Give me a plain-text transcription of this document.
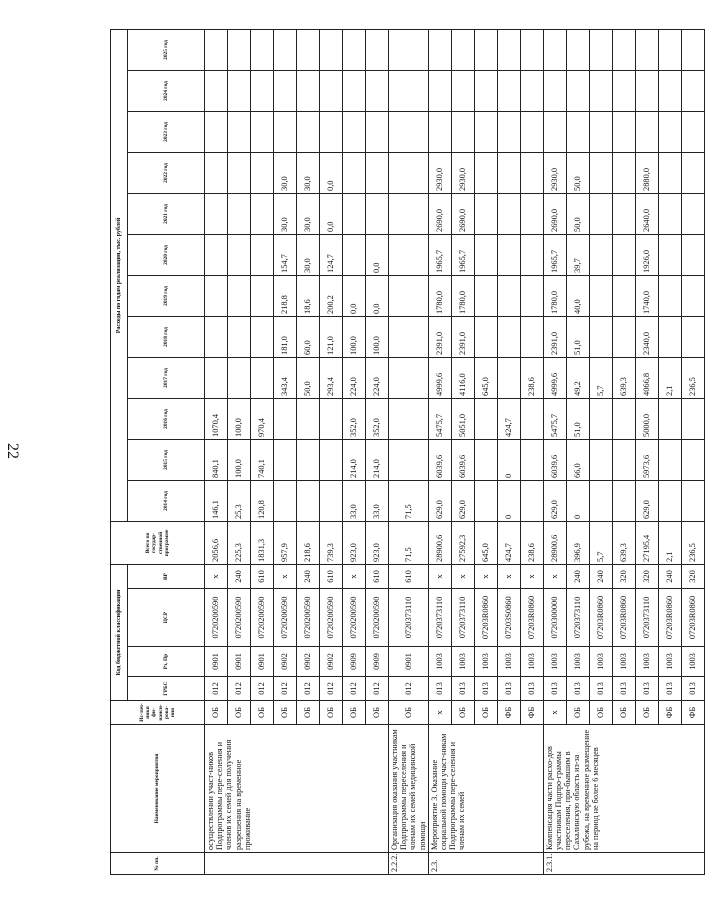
22
№ пп.	Наименование мероприятия	Ис-точ-ники фи-нанси-рова-ния	Код бюджетной классификации				Всего по государ-ственной программе	Расходы по годам реализации, тыс. рублей											
			ГРБС	Рз, Пр	ЦСР	ВР		2014 год	2015 год	2016 год	2017 год	2018 год	2019 год	2020 год	2021 год	2022 год	2023 год	2024 год	2025 год
	осуществлении участ-ников Подпрограммы пере-селения и членов их семей для получения разрешения на временное проживание	ОБ	012	0901	0720200590	x	2056,6	146,1	840,1	1070,4									
		ОБ	012	0901	0720200590	240	225,3	25,3	100,0	100,0									
		ОБ	012	0901	0720200590	610	1831,3	120,8	740,1	970,4									
		ОБ	012	0902	0720200590	x	957,9				343,4	181,0	218,8	154,7	30,0	30,0			
		ОБ	012	0902	0720200590	240	218,6				50,0	60,0	18,6	30,0	30,0	30,0			
		ОБ	012	0902	0720200590	610	739,3				293,4	121,0	200,2	124,7	0,0	0,0			
		ОБ	012	0909	0720200590	x	923,0	33,0	214,0	352,0	224,0	100,0	0,0						
		ОБ	012	0909	0720200590	610	923,0	33,0	214,0	352,0	224,0	100,0	0,0	0,0					
2.2.2.	Организация оказания участникам Подпрограммы переселения и членам их семей медицинской помощи	ОБ	012	0901	0720373110	610	71,5	71,5											
2.3.	Мероприятие 3. Оказание социальной помощи участ-никам Подпрограммы пере-селения и членам их семей	x	013	1003	0720373110	x	28900,6	629,0	6039,6	5475,7	4999,6	2391,0	1780,0	1965,7	2690,0	2930,0			
		ОБ	013	1003	0720373110	x	27592,3	629,0	6039,6	5051,0	4116,0	2391,0	1780,0	1965,7	2690,0	2930,0			
		ОБ	013	1003	07203R0860	x	645,0				645,0								
		ФБ	013	1003	07203S0860	x	424,7	0	0	424,7									
		ФБ	013	1003	07203R0860	x	238,6				238,6								
2.3.1.	Компенсация части расхо-дов участникам Подпро-граммы переселения, при-бывшим в Сахалинскую область из-за рубежа, на временное размещение на период не более 6 месяцев	x	013	1003	0720300000	x	28900,6	629,0	6039,6	5475,7	4999,6	2391,0	1780,0	1965,7	2690,0	2930,0			
		ОБ	013	1003	0720373110	240	396,9	0	66,0	51,0	49,2	51,0	40,0	39,7	50,0	50,0			
		ОБ	013	1003	07203R0860	240	5,7				5,7								
		ОБ	013	1003	07203R0860	320	639,3				639,3								
		ОБ	013	1003	0720373110	320	27195,4	629,0	5973,6	5000,0	4066,8	2340,0	1740,0	1926,0	2640,0	2880,0			
		ФБ	013	1003	07203R0860	240	2,1				2,1								
		ФБ	013	1003	07203R0860	320	236,5				236,5								
